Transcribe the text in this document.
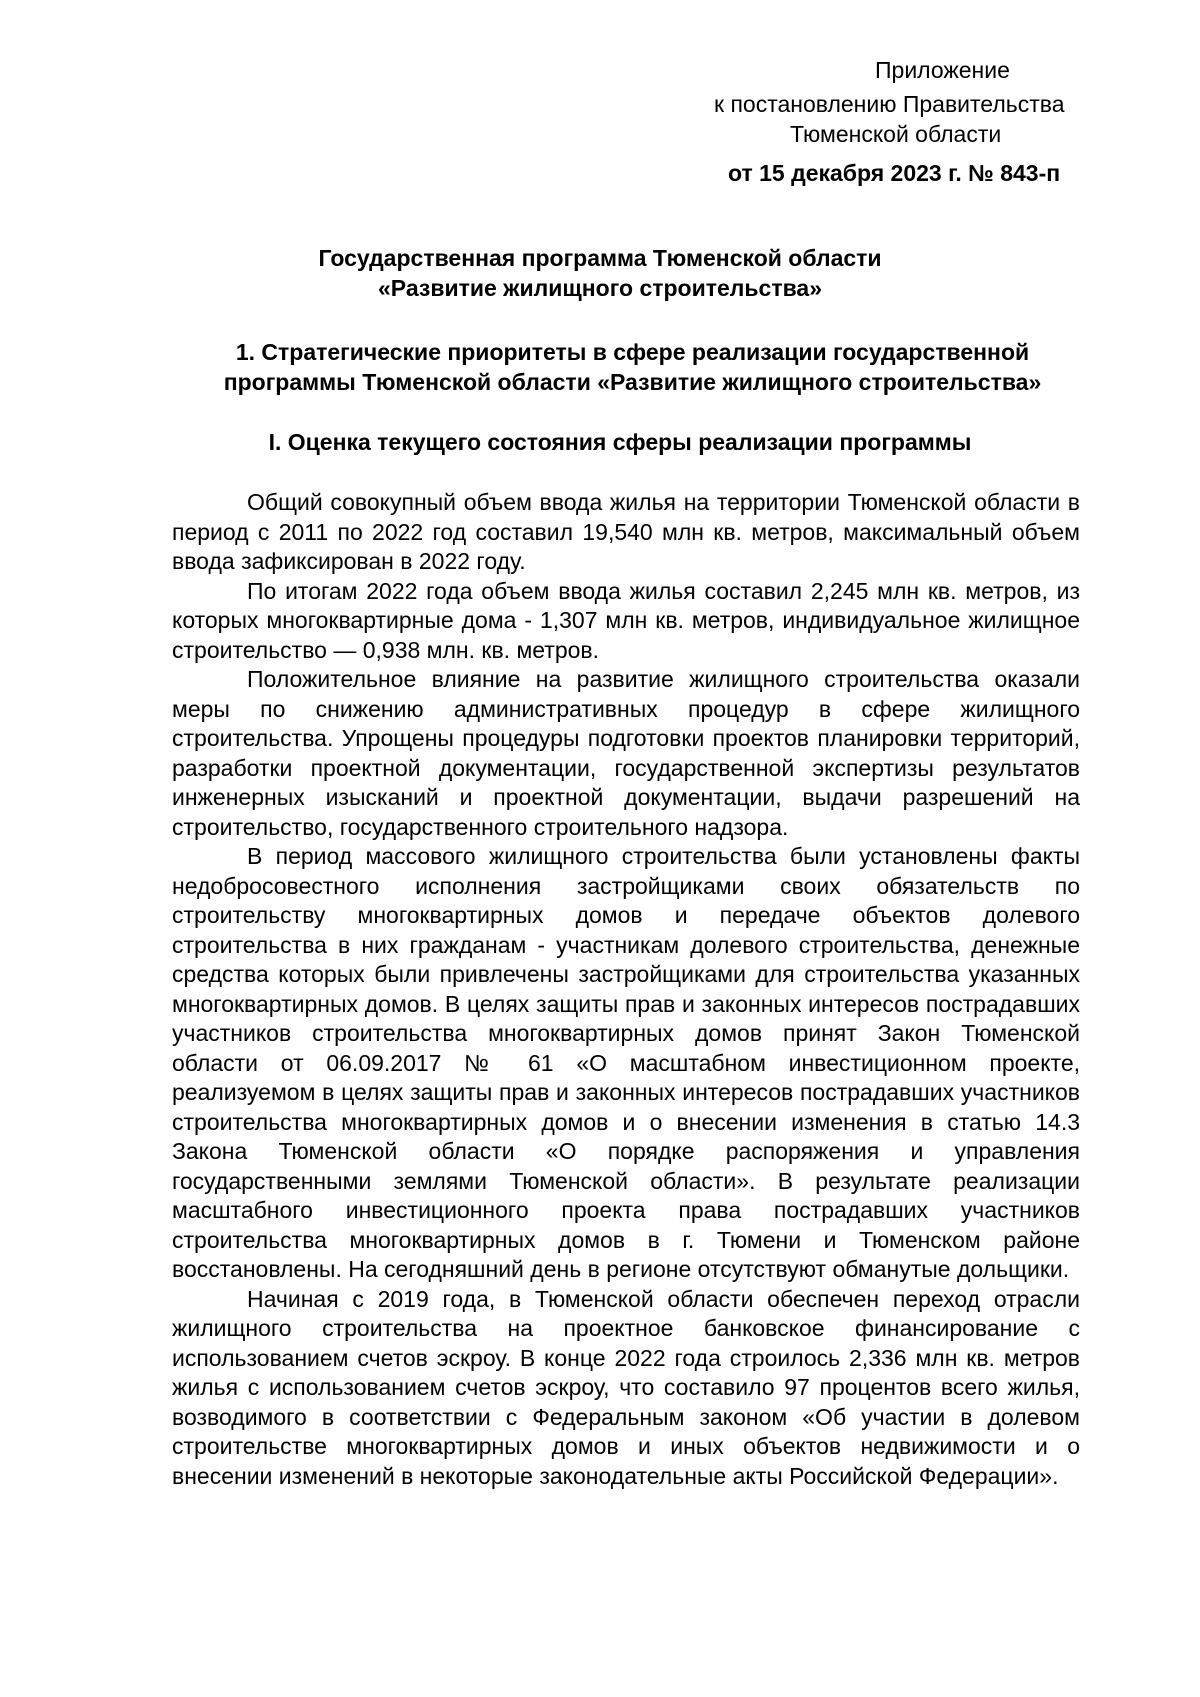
Приложение
к постановлению Правительства
Тюменской области
от 15 декабря 2023 г. № 843-п
Государственная программа Тюменской области
«Развитие жилищного строительства»
1. Стратегические приоритеты в сфере реализации государственной
программы Тюменской области «Развитие жилищного строительства»
I. Оценка текущего состояния сферы реализации программы

Общий совокупный объем ввода жилья на территории Тюменской области в период с 2011 по 2022 год составил 19,540 млн кв. метров, максимальный объем ввода зафиксирован в 2022 году.

По итогам 2022 года объем ввода жилья составил 2,245 млн кв. метров, из которых многоквартирные дома - 1,307 млн кв. метров, индивидуальное жилищное строительство — 0,938 млн. кв. метров.

Положительное влияние на развитие жилищного строительства оказали меры по снижению административных процедур в сфере жилищного строительства. Упрощены процедуры подготовки проектов планировки территорий, разработки проектной документации, государственной экспертизы результатов инженерных изысканий и проектной документации, выдачи разрешений на строительство, государственного строительного надзора.

В период массового жилищного строительства были установлены факты недобросовестного исполнения застройщиками своих обязательств по строительству многоквартирных домов и передаче объектов долевого строительства в них гражданам - участникам долевого строительства, денежные средства которых были привлечены застройщиками для строительства указанных многоквартирных домов. В целях защиты прав и законных интересов пострадавших участников строительства многоквартирных домов принят Закон Тюменской области от 06.09.2017 № 61 «О масштабном инвестиционном проекте, реализуемом в целях защиты прав и законных интересов пострадавших участников строительства многоквартирных домов и о внесении изменения в статью 14.3 Закона Тюменской области «О порядке распоряжения и управления государственными землями Тюменской области». В результате реализации масштабного инвестиционного проекта права пострадавших участников строительства многоквартирных домов в г. Тюмени и Тюменском районе восстановлены. На сегодняшний день в регионе отсутствуют обманутые дольщики.

Начиная с 2019 года, в Тюменской области обеспечен переход отрасли жилищного строительства на проектное банковское финансирование с использованием счетов эскроу. В конце 2022 года строилось 2,336 млн кв. метров жилья с использованием счетов эскроу, что составило 97 процентов всего жилья, возводимого в соответствии с Федеральным законом «Об участии в долевом строительстве многоквартирных домов и иных объектов недвижимости и о внесении изменений в некоторые законодательные акты Российской Федерации».
